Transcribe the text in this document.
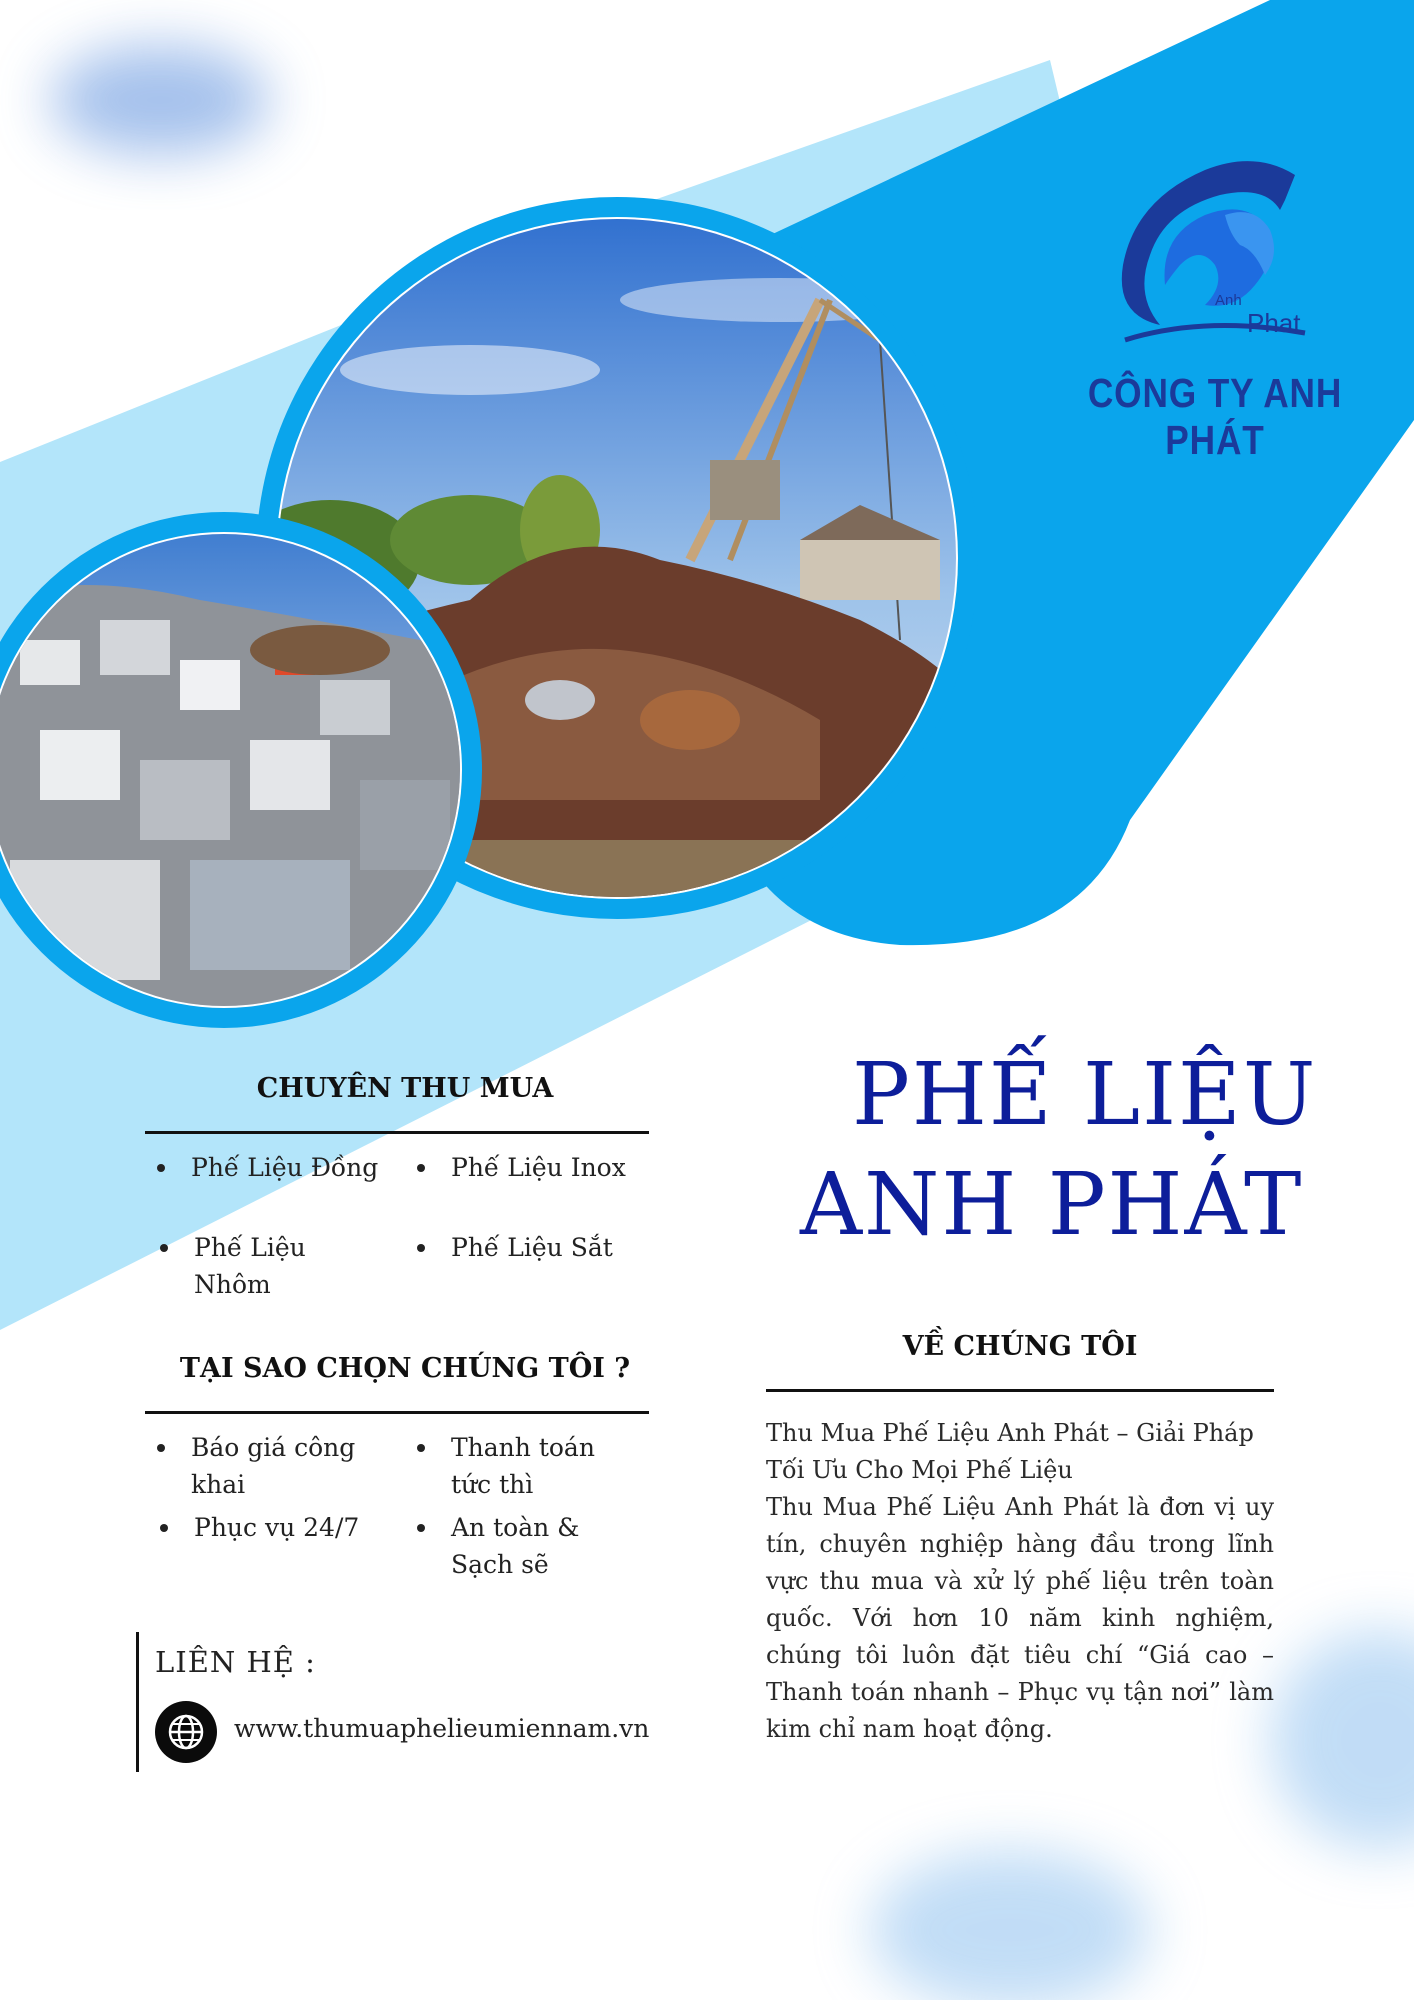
Anh
Phat
CÔNG TY ANH PHÁT
PHẾ LIỆU
ANH PHÁT
CHUYÊN THU MUA
Phế Liệu Đồng	Phế Liệu Inox
Phế Liệu Nhôm
Phế Liệu Sắt
TẠI SAO CHỌN CHÚNG TÔI ?
Báo giá công khai
Thanh toán tức thì
Phục vụ 24/7	An toàn & Sạch sẽ
VỀ CHÚNG TÔI

Thu Mua Phế Liệu Anh Phát – Giải Pháp Tối Ưu Cho Mọi Phế Liệu

Thu Mua Phế Liệu Anh Phát là đơn vị uy tín, chuyên nghiệp hàng đầu trong lĩnh vực thu mua và xử lý phế liệu trên toàn quốc. Với hơn 10 năm kinh nghiệm, chúng tôi luôn đặt tiêu chí “Giá cao – Thanh toán nhanh – Phục vụ tận nơi” làm kim chỉ nam hoạt động.

LIÊN HỆ :
www.thumuaphelieumiennam.vn
